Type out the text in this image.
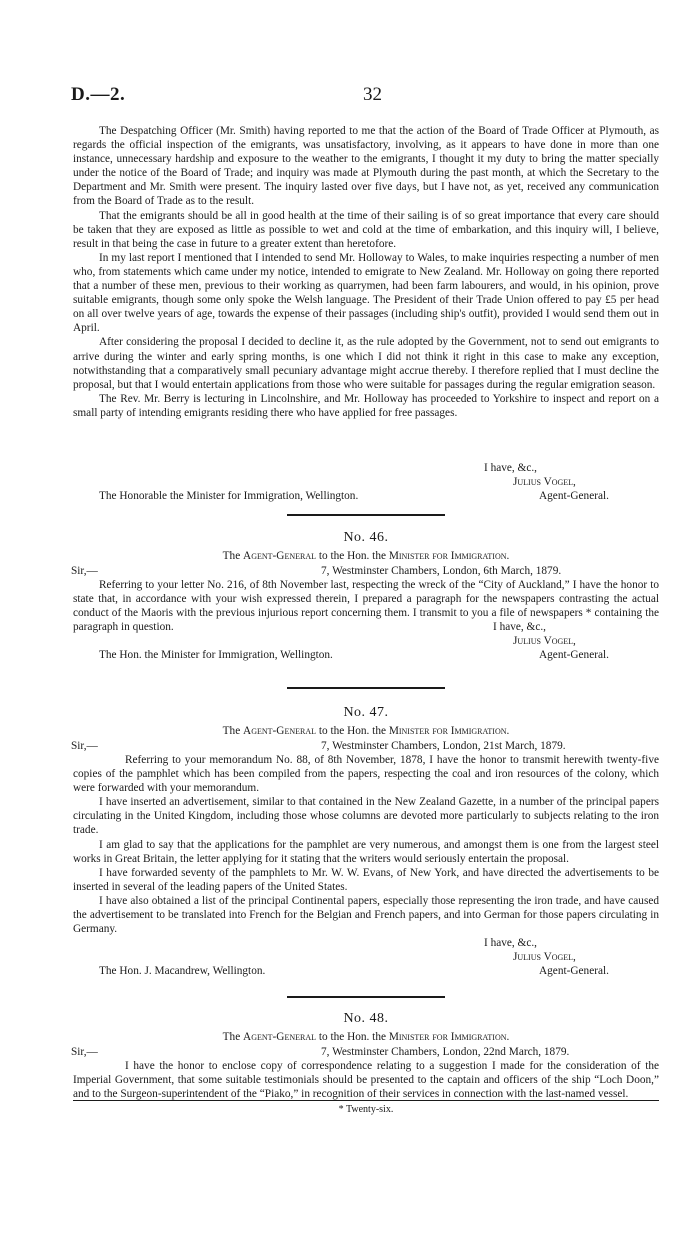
D.—2.	32

The Despatching Officer (Mr. Smith) having reported to me that the action of the Board of Trade Officer at Plymouth, as regards the official inspection of the emigrants, was unsatisfactory, involving, as it appears to have done in more than one instance, unnecessary hardship and exposure to the weather to the emigrants, I thought it my duty to bring the matter specially under the notice of the Board of Trade; and inquiry was made at Plymouth during the past month, at which the Secretary to the Department and Mr. Smith were present. The inquiry lasted over five days, but I have not, as yet, received any communication from the Board of Trade as to the result.

That the emigrants should be all in good health at the time of their sailing is of so great importance that every care should be taken that they are exposed as little as possible to wet and cold at the time of embarkation, and this inquiry will, I believe, result in that being the case in future to a greater extent than heretofore.

In my last report I mentioned that I intended to send Mr. Holloway to Wales, to make inquiries respecting a number of men who, from statements which came under my notice, intended to emigrate to New Zealand. Mr. Holloway on going there reported that a number of these men, previous to their working as quarrymen, had been farm labourers, and would, in his opinion, prove suitable emigrants, though some only spoke the Welsh language. The President of their Trade Union offered to pay £5 per head on all over twelve years of age, towards the expense of their passages (including ship's outfit), provided I would send them out in April.

After considering the proposal I decided to decline it, as the rule adopted by the Government, not to send out emigrants to arrive during the winter and early spring months, is one which I did not think it right in this case to make any exception, notwithstanding that a comparatively small pecuniary advantage might accrue thereby. I therefore replied that I must decline the proposal, but that I would entertain applications from those who were suitable for passages during the regular emigration season.

The Rev. Mr. Berry is lecturing in Lincolnshire, and Mr. Holloway has proceeded to Yorkshire to inspect and report on a small party of intending emigrants residing there who have applied for free passages.

I have, &c.,
Julius Vogel,
The Honorable the Minister for Immigration, Wellington.	Agent-General.
No. 46.
The Agent-General to the Hon. the Minister for Immigration.
Sir,—	7, Westminster Chambers, London, 6th March, 1879.

Referring to your letter No. 216, of 8th November last, respecting the wreck of the “City of Auckland,” I have the honor to state that, in accordance with your wish expressed therein, I prepared a paragraph for the newspapers contrasting the actual conduct of the Maoris with the previous injurious report concerning them. I transmit to you a file of newspapers * containing the paragraph in question.	I have, &c.,
Julius Vogel,
The Hon. the Minister for Immigration, Wellington.	Agent-General.
No. 47.
The Agent-General to the Hon. the Minister for Immigration.
Sir,—	7, Westminster Chambers, London, 21st March, 1879.

Referring to your memorandum No. 88, of 8th November, 1878, I have the honor to transmit herewith twenty-five copies of the pamphlet which has been compiled from the papers, respecting the coal and iron resources of the colony, which were forwarded with your memorandum.

I have inserted an advertisement, similar to that contained in the New Zealand Gazette, in a number of the principal papers circulating in the United Kingdom, including those whose columns are devoted more particularly to subjects relating to the iron trade.

I am glad to say that the applications for the pamphlet are very numerous, and amongst them is one from the largest steel works in Great Britain, the letter applying for it stating that the writers would seriously entertain the proposal.

I have forwarded seventy of the pamphlets to Mr. W. W. Evans, of New York, and have directed the advertisements to be inserted in several of the leading papers of the United States.

I have also obtained a list of the principal Continental papers, especially those representing the iron trade, and have caused the advertisement to be translated into French for the Belgian and French papers, and into German for those papers circulating in Germany.

I have, &c.,
Julius Vogel,
The Hon. J. Macandrew, Wellington.	Agent-General.
No. 48.
The Agent-General to the Hon. the Minister for Immigration.
Sir,—	7, Westminster Chambers, London, 22nd March, 1879.

I have the honor to enclose copy of correspondence relating to a suggestion I made for the consideration of the Imperial Government, that some suitable testimonials should be presented to the captain and officers of the ship “Loch Doon,” and to the Surgeon-superintendent of the “Piako,” in recognition of their services in connection with the last-named vessel.

* Twenty-six.
